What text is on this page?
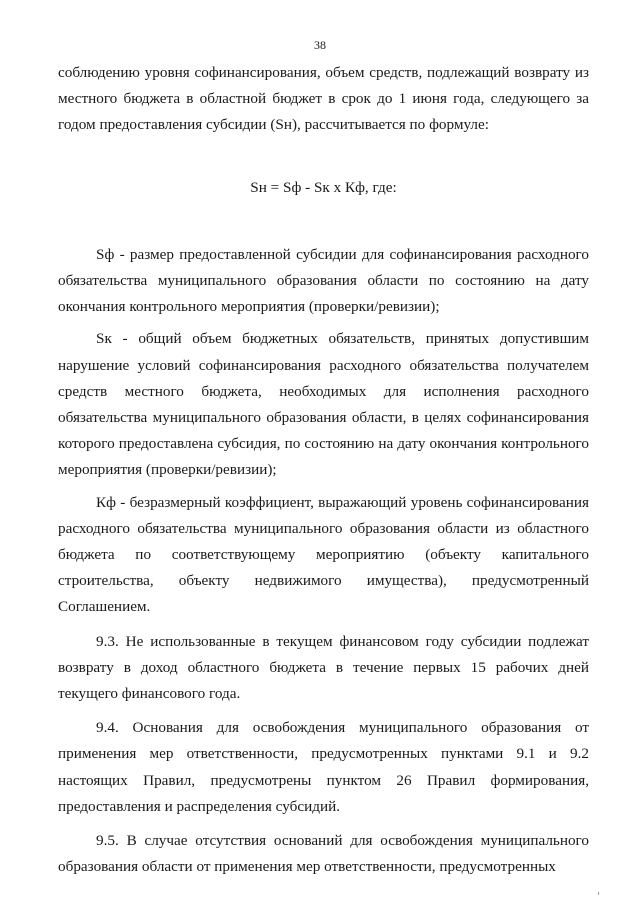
38

соблюдению уровня софинансирования, объем средств, подлежащий возврату из местного бюджета в областной бюджет в срок до 1 июня года, следующего за годом предоставления субсидии (Sн), рассчитывается по формуле:

Sн = Sф - Sк х Кф, где:

Sф - размер предоставленной субсидии для софинансирования расходного обязательства муниципального образования области по состоянию на дату окончания контрольного мероприятия (проверки/ревизии);

Sк - общий объем бюджетных обязательств, принятых допустившим нарушение условий софинансирования расходного обязательства получателем средств местного бюджета, необходимых для исполнения расходного обязательства муниципального образования области, в целях софинансирования которого предоставлена субсидия, по состоянию на дату окончания контрольного мероприятия (проверки/ревизии);

Кф - безразмерный коэффициент, выражающий уровень софинансирования расходного обязательства муниципального образования области из областного бюджета по соответствующему мероприятию (объекту капитального строительства, объекту недвижимого имущества), предусмотренный Соглашением.

9.3. Не использованные в текущем финансовом году субсидии подлежат возврату в доход областного бюджета в течение первых 15 рабочих дней текущего финансового года.

9.4. Основания для освобождения муниципального образования от применения мер ответственности, предусмотренных пунктами 9.1 и 9.2 настоящих Правил, предусмотрены пунктом 26 Правил формирования, предоставления и распределения субсидий.

9.5. В случае отсутствия оснований для освобождения муниципального образования области от применения мер ответственности, предусмотренных
